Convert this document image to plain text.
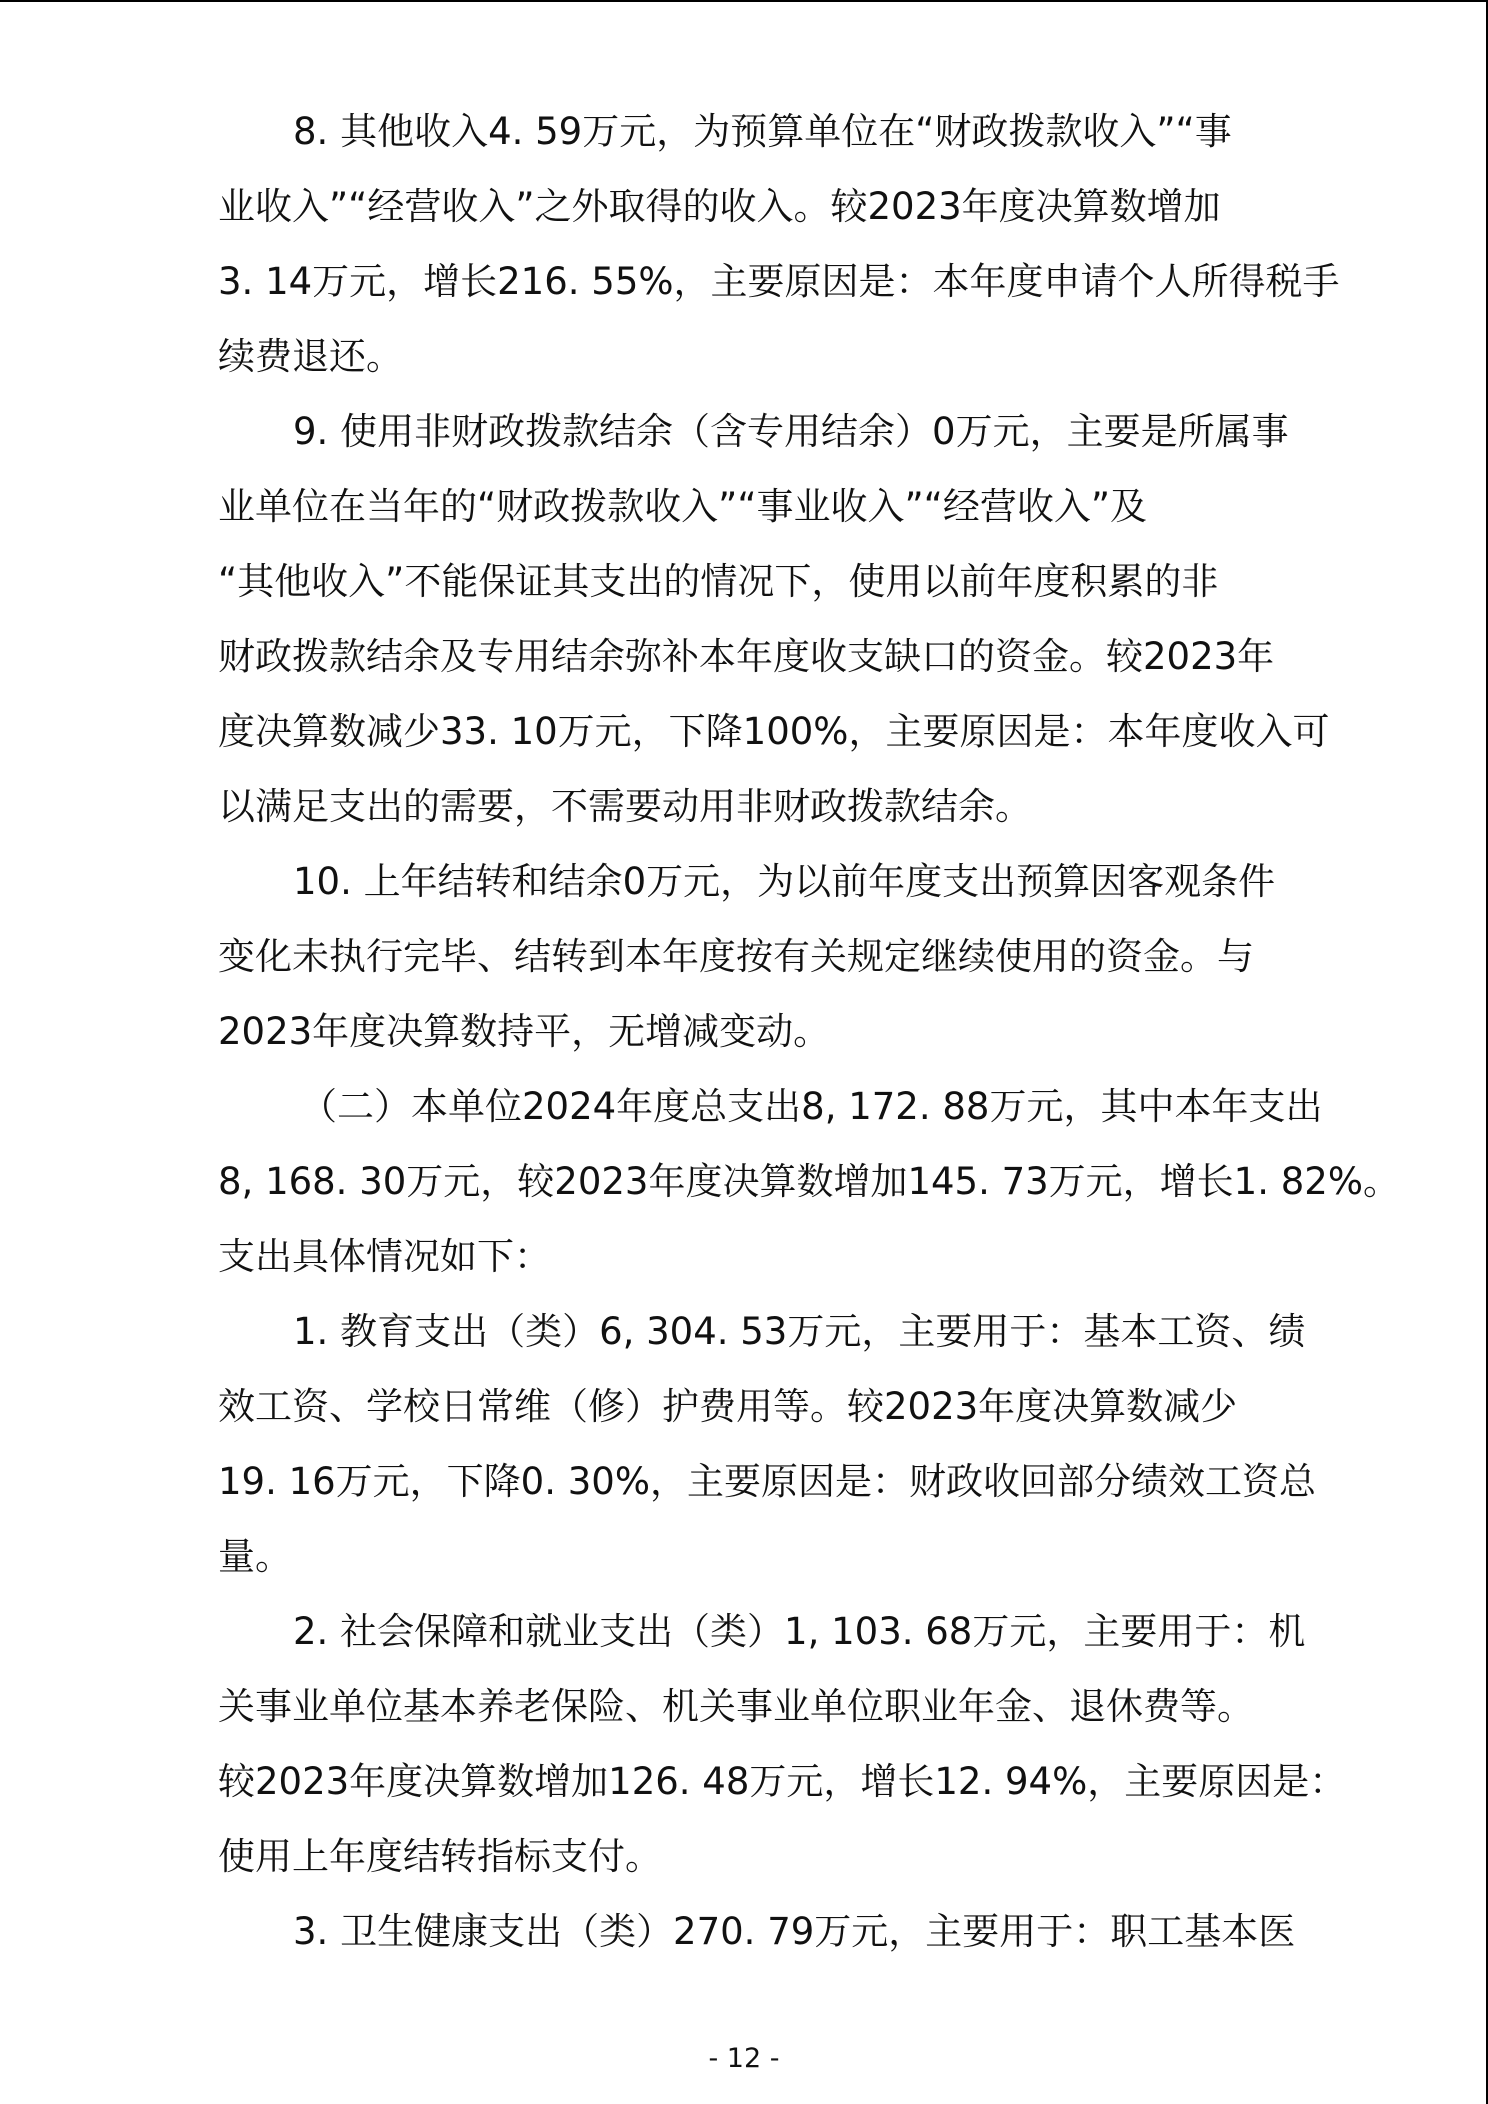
8. 其他收入4. 59万元，为预算单位在“财政拨款收入”“事
业收入”“经营收入”之外取得的收入。较2023年度决算数增加
3. 14万元，增长216. 55%，主要原因是：本年度申请个人所得税手
续费退还。
9. 使用非财政拨款结余（含专用结余）0万元，主要是所属事
业单位在当年的“财政拨款收入”“事业收入”“经营收入”及
“其他收入”不能保证其支出的情况下，使用以前年度积累的非
财政拨款结余及专用结余弥补本年度收支缺口的资金。较2023年
度决算数减少33. 10万元，下降100%，主要原因是：本年度收入可
以满足支出的需要，不需要动用非财政拨款结余。
10. 上年结转和结余0万元，为以前年度支出预算因客观条件
变化未执行完毕、结转到本年度按有关规定继续使用的资金。与
2023年度决算数持平，无增减变动。
（二）本单位2024年度总支出8, 172. 88万元，其中本年支出
8, 168. 30万元，较2023年度决算数增加145. 73万元，增长1. 82%。
支出具体情况如下：
1. 教育支出（类）6, 304. 53万元，主要用于：基本工资、绩
效工资、学校日常维（修）护费用等。较2023年度决算数减少
19. 16万元，下降0. 30%，主要原因是：财政收回部分绩效工资总
量。
2. 社会保障和就业支出（类）1, 103. 68万元，主要用于：机
关事业单位基本养老保险、机关事业单位职业年金、退休费等。
较2023年度决算数增加126. 48万元，增长12. 94%，主要原因是：
使用上年度结转指标支付。
3. 卫生健康支出（类）270. 79万元，主要用于：职工基本医
- 12 -
